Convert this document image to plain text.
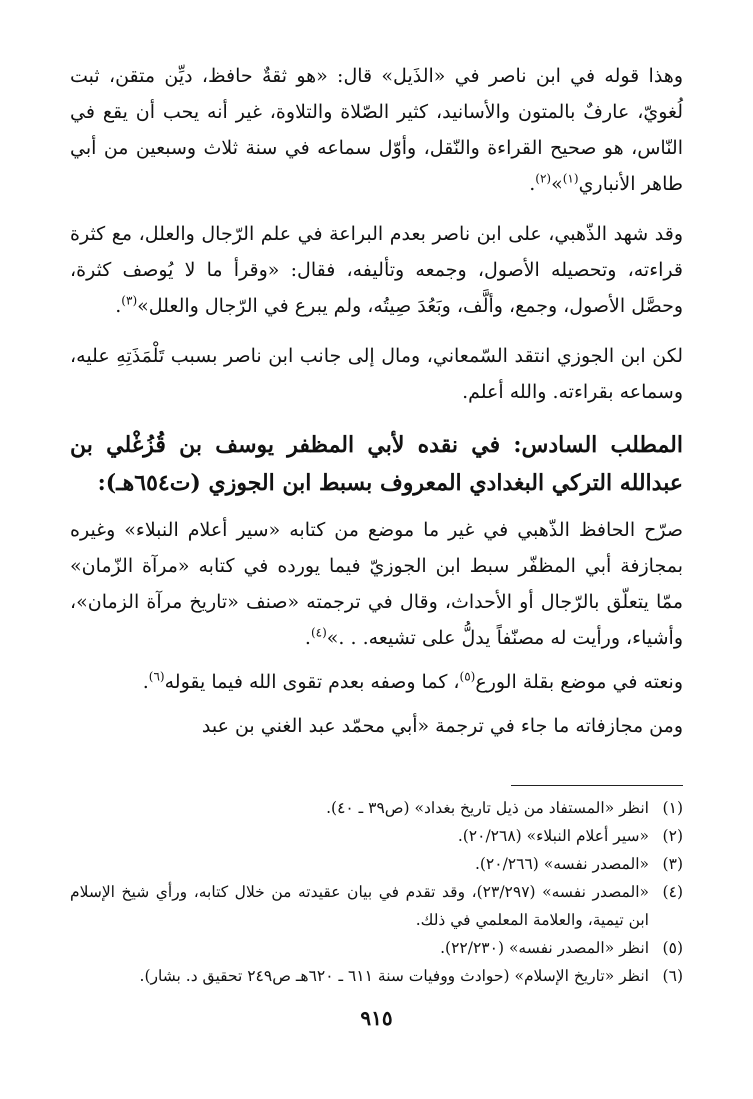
وهذا قوله في ابن ناصر في «الذَيل» قال: «هو ثقةٌ حافظ، ديِّن متقن، ثبت لُغويّ، عارفٌ بالمتون والأسانيد، كثير الصّلاة والتلاوة، غير أنه يحب أن يقع في النّاس، هو صحيح القراءة والنّقل، وأوّل سماعه في سنة ثلاث وسبعين من أبي طاهر الأنباري$^{(١)}$»$^{(٢)}$.

وقد شهد الذّهبي، على ابن ناصر بعدم البراعة في علم الرّجال والعلل، مع كثرة قراءته، وتحصيله الأصول، وجمعه وتأليفه، فقال: «وقرأ ما لا يُوصف كثرة، وحصَّل الأصول، وجمع، وألَّف، وبَعُدَ صِيتُه، ولم يبرع في الرّجال والعلل»$^{(٣)}$.

لكن ابن الجوزي انتقد السّمعاني، ومال إلى جانب ابن ناصر بسبب تَلْمَذَتِهِ عليه، وسماعه بقراءته. والله أعلم.

المطلب السادس: في نقده لأبي المظفر يوسف بن قُزُغْلي بن عبدالله التركي البغدادي المعروف بسبط ابن الجوزي (ت٦٥٤هـ):

صرّح الحافظ الذّهبي في غير ما موضع من كتابه «سير أعلام النبلاء» وغيره بمجازفة أبي المظفّر سبط ابن الجوزيّ فيما يورده في كتابه «مرآة الزّمان» ممّا يتعلّق بالرّجال أو الأحداث، وقال في ترجمته «صنف «تاريخ مرآة الزمان»، وأشياء، ورأيت له مصنّفاً يدلُّ على تشيعه. . .»$^{(٤)}$.

ونعته في موضع بقلة الورع$^{(٥)}$، كما وصفه بعدم تقوى الله فيما يقوله$^{(٦)}$.

ومن مجازفاته ما جاء في ترجمة «أبي محمّد عبد الغني بن عبد

(١)
انظر «المستفاد من ذيل تاريخ بغداد» (ص٣٩ ـ ٤٠).
(٢)
«سير أعلام النبلاء» (٢٠/٢٦٨).
(٣)
«المصدر نفسه» (٢٠/٢٦٦).
(٤)
«المصدر نفسه» (٢٣/٢٩٧)، وقد تقدم في بيان عقيدته من خلال كتابه، ورأي شيخ الإسلام ابن تيمية، والعلامة المعلمي في ذلك.
(٥)
انظر «المصدر نفسه» (٢٢/٢٣٠).
(٦)
انظر «تاريخ الإسلام» (حوادث ووفيات سنة ٦١١ ـ ٦٢٠هـ ص٢٤٩ تحقيق د. بشار).
٩١٥
